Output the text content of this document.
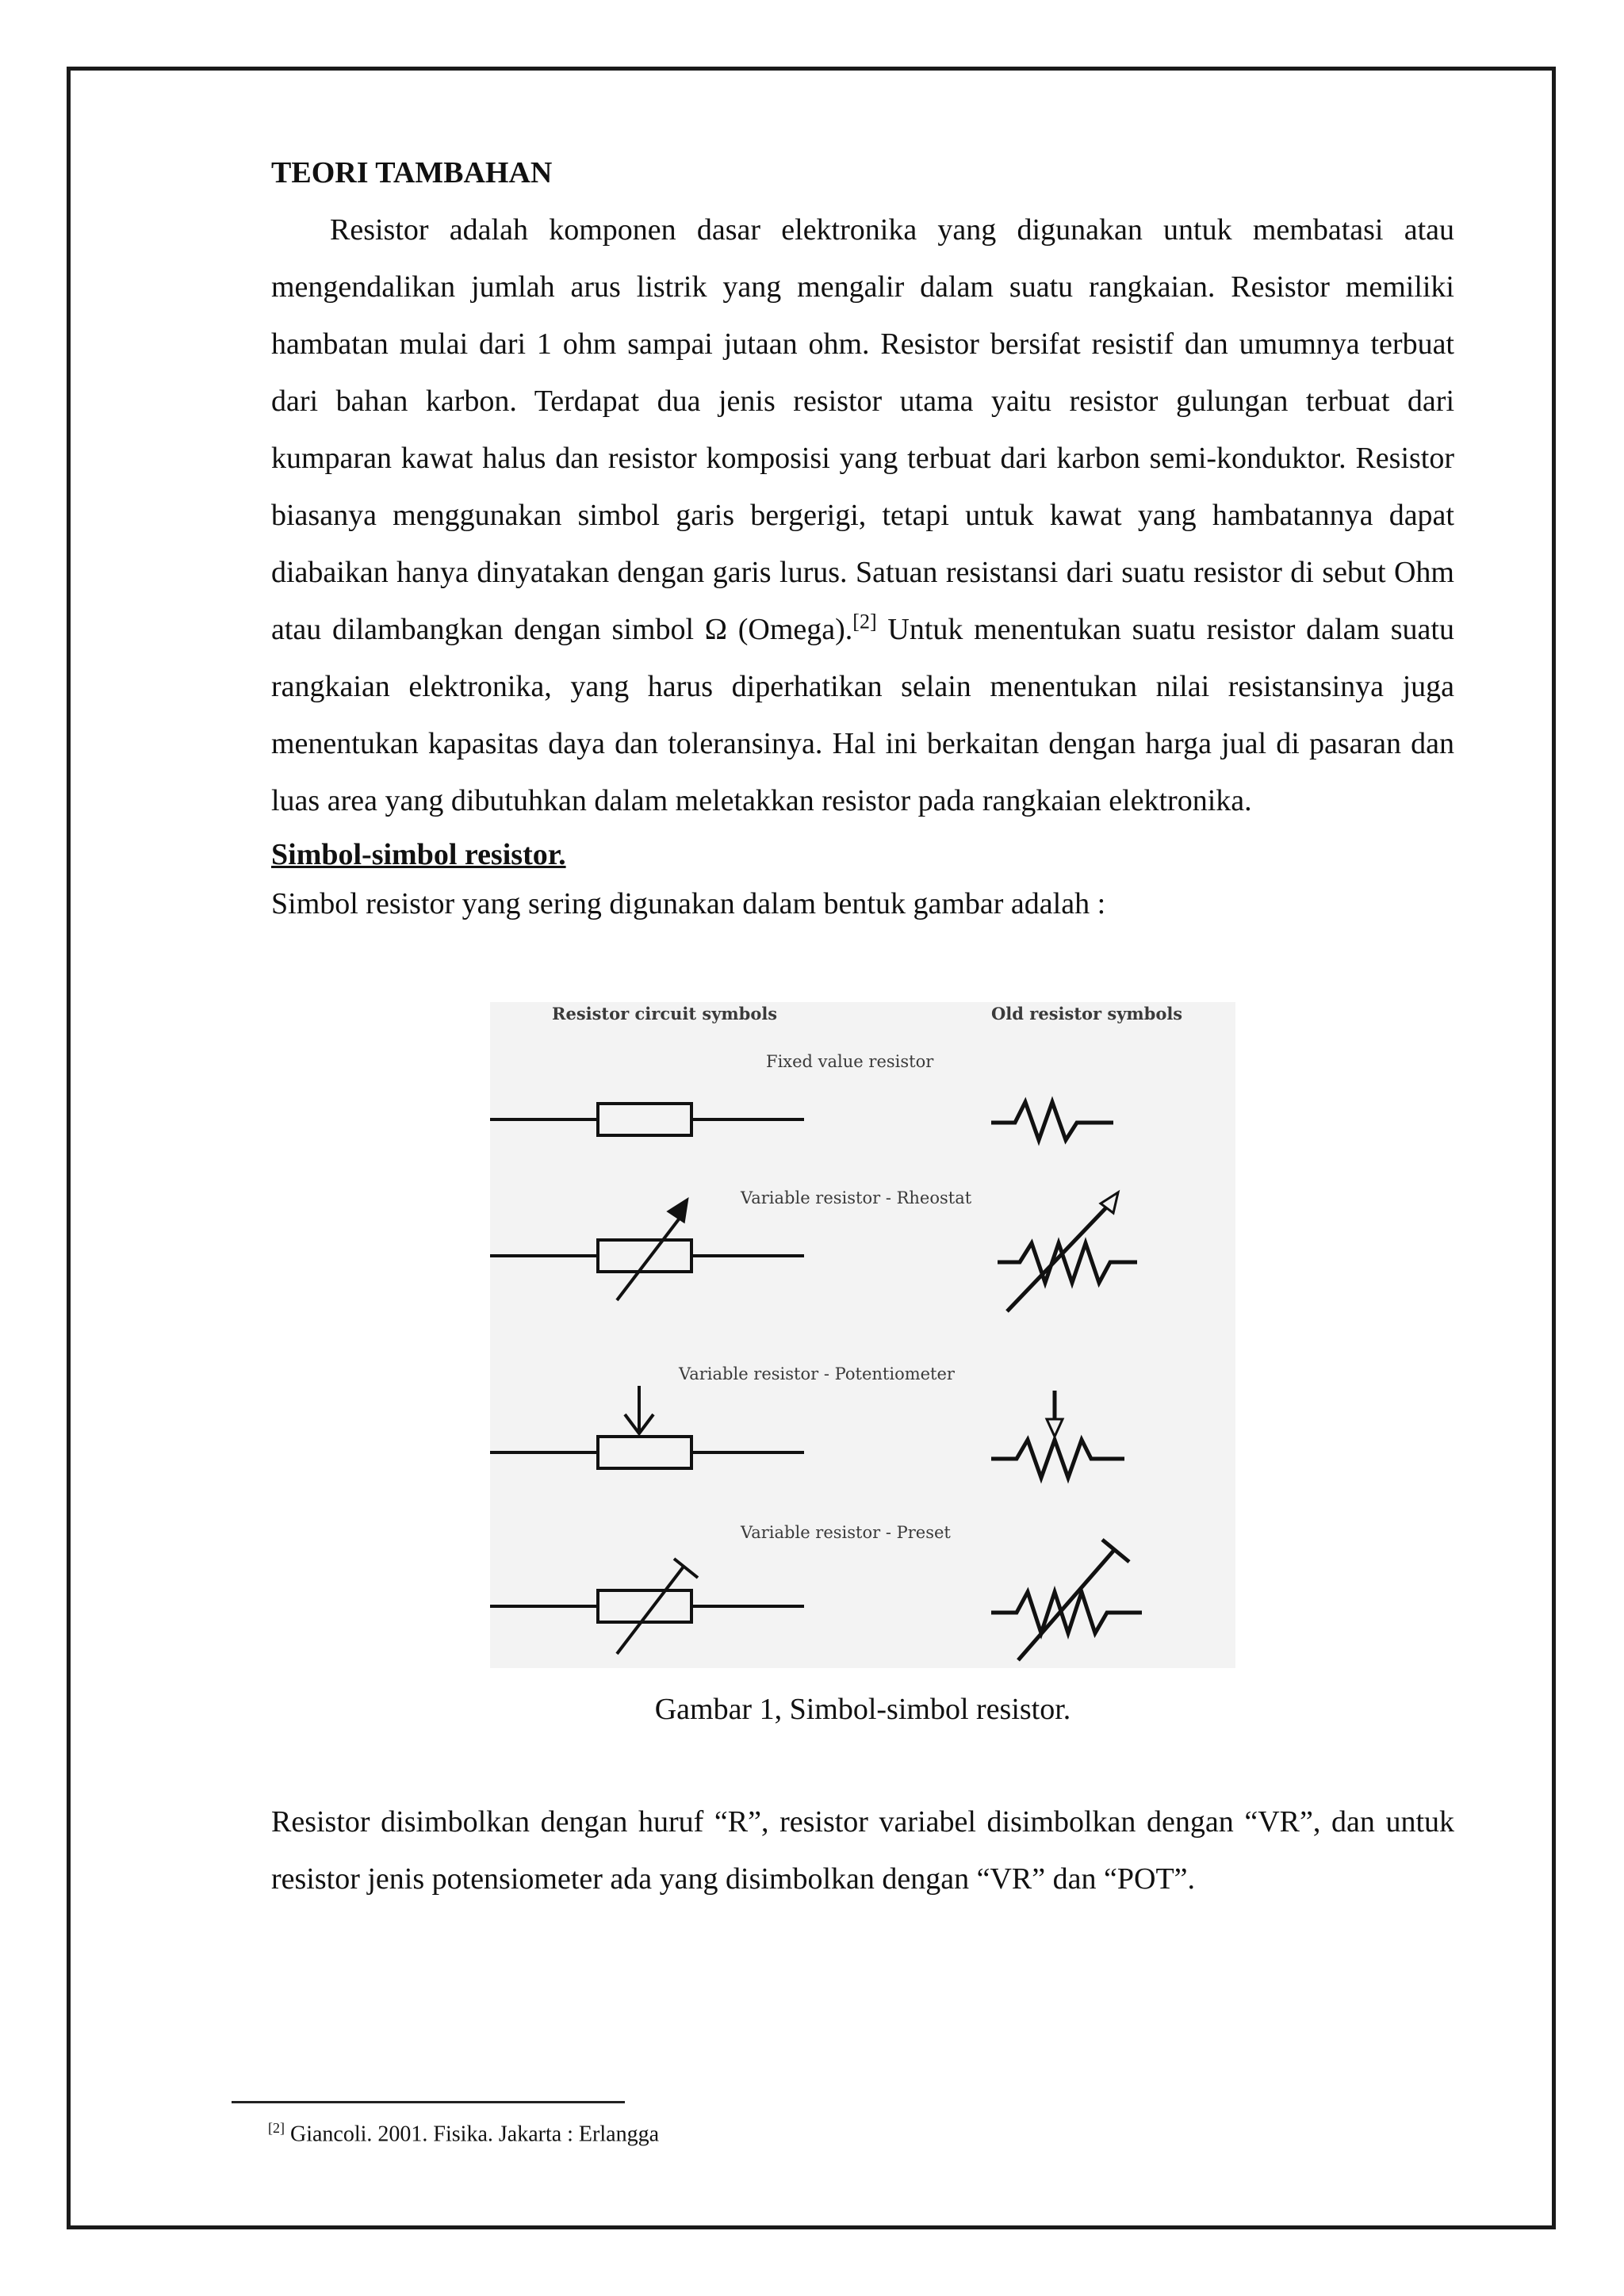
TEORI TAMBAHAN

Resistor adalah komponen dasar elektronika yang digunakan untuk membatasi atau mengendalikan jumlah arus listrik yang mengalir dalam suatu rangkaian. Resistor memiliki hambatan mulai dari 1 ohm sampai jutaan ohm. Resistor bersifat resistif dan umumnya terbuat dari bahan karbon. Terdapat dua jenis resistor utama yaitu resistor gulungan terbuat dari kumparan kawat halus dan resistor komposisi yang terbuat dari karbon semi-konduktor. Resistor biasanya menggunakan simbol garis bergerigi, tetapi untuk kawat yang hambatannya dapat diabaikan hanya dinyatakan dengan garis lurus. Satuan resistansi dari suatu resistor di sebut Ohm atau dilambangkan dengan simbol Ω (Omega).[2] Untuk menentukan suatu resistor dalam suatu rangkaian elektronika, yang harus diperhatikan selain menentukan nilai resistansinya juga menentukan kapasitas daya dan toleransinya. Hal ini berkaitan dengan harga jual di pasaran dan luas area yang dibutuhkan dalam meletakkan resistor pada rangkaian elektronika.

Simbol-simbol resistor.

Simbol resistor yang sering digunakan dalam bentuk gambar adalah :

Resistor circuit symbols	Old resistor symbols
Fixed value resistor
Variable resistor - Rheostat
Variable resistor - Potentiometer
Variable resistor - Preset
Gambar 1, Simbol-simbol resistor.

Resistor disimbolkan dengan huruf “R”, resistor variabel disimbolkan dengan “VR”, dan untuk resistor jenis potensiometer ada yang disimbolkan dengan “VR” dan “POT”.

[2] Giancoli. 2001. Fisika. Jakarta : Erlangga
